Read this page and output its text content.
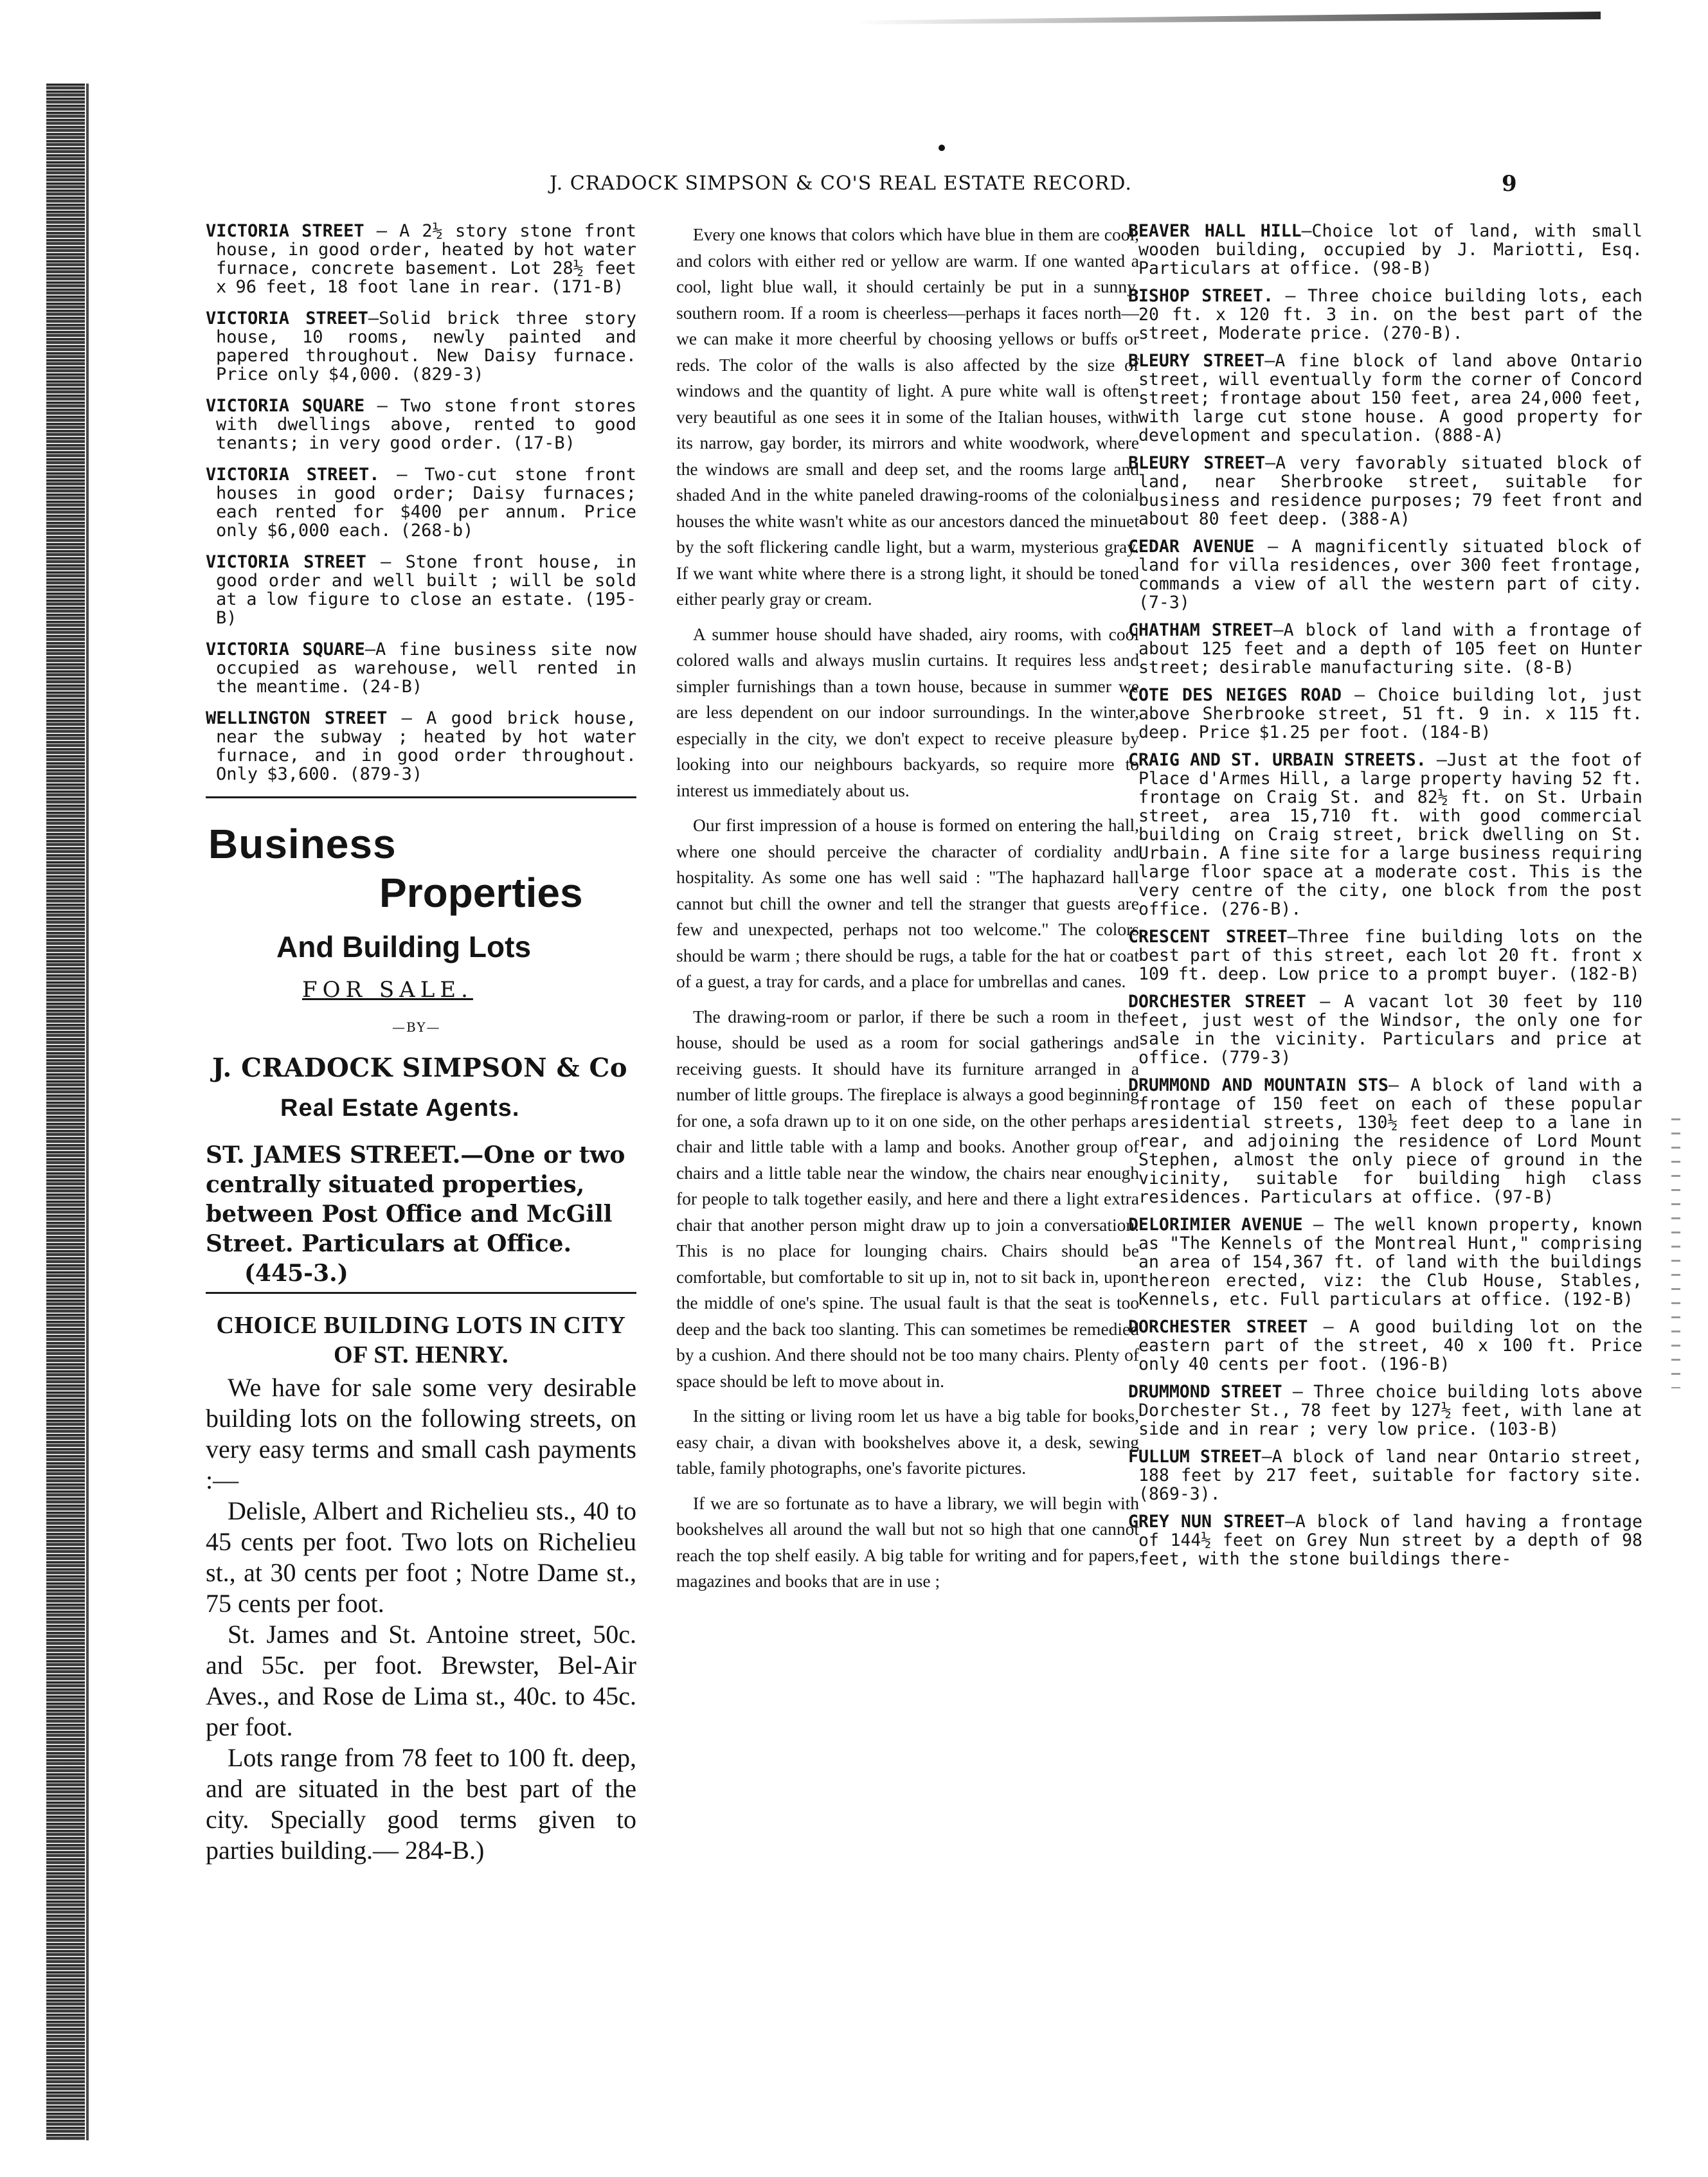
J. CRADOCK SIMPSON & CO'S REAL ESTATE RECORD.	9

VICTORIA STREET — A 2½ story stone front house, in good order, heated by hot water furnace, concrete basement. Lot 28½ feet x 96 feet, 18 foot lane in rear. (171-B)

VICTORIA STREET—Solid brick three story house, 10 rooms, newly painted and papered throughout. New Daisy furnace. Price only $4,000. (829-3)

VICTORIA SQUARE — Two stone front stores with dwellings above, rented to good tenants; in very good order. (17-B)

VICTORIA STREET. — Two-cut stone front houses in good order; Daisy furnaces; each rented for $400 per annum. Price only $6,000 each. (268-b)

VICTORIA STREET — Stone front house, in good order and well built ; will be sold at a low figure to close an estate. (195-B)

VICTORIA SQUARE—A fine business site now occupied as warehouse, well rented in the meantime. (24-B)

WELLINGTON STREET — A good brick house, near the subway ; heated by hot water furnace, and in good order throughout. Only $3,600. (879-3)

Business
Properties
And Building Lots
FOR SALE.
—BY—
J. CRADOCK SIMPSON & Co
Real Estate Agents.
ST. JAMES STREET.—One or two centrally situated properties, between Post Office and McGill Street. Particulars at Office.
(445-3.)
CHOICE BUILDING LOTS IN CITY OF ST. HENRY.

We have for sale some very desirable building lots on the following streets, on very easy terms and small cash payments :—

Delisle, Albert and Richelieu sts., 40 to 45 cents per foot. Two lots on Richelieu st., at 30 cents per foot ; Notre Dame st., 75 cents per foot.

St. James and St. Antoine street, 50c. and 55c. per foot. Brewster, Bel-Air Aves., and Rose de Lima st., 40c. to 45c. per foot.

Lots range from 78 feet to 100 ft. deep, and are situated in the best part of the city. Specially good terms given to parties building.— 284-B.)

Every one knows that colors which have blue in them are cool, and colors with either red or yellow are warm. If one wanted a cool, light blue wall, it should certainly be put in a sunny, southern room. If a room is cheerless—perhaps it faces north—we can make it more cheerful by choosing yellows or buffs or reds. The color of the walls is also affected by the size of windows and the quantity of light. A pure white wall is often very beautiful as one sees it in some of the Italian houses, with its narrow, gay border, its mirrors and white woodwork, where the windows are small and deep set, and the rooms large and shaded And in the white paneled drawing-rooms of the colonial houses the white wasn't white as our ancestors danced the minuet by the soft flickering candle light, but a warm, mysterious gray. If we want white where there is a strong light, it should be toned either pearly gray or cream.

A summer house should have shaded, airy rooms, with cool colored walls and always muslin curtains. It requires less and simpler furnishings than a town house, because in summer we are less dependent on our indoor surroundings. In the winter, especially in the city, we don't expect to receive pleasure by looking into our neighbours backyards, so require more to interest us immediately about us.

Our first impression of a house is formed on entering the hall, where one should perceive the character of cordiality and hospitality. As some one has well said : "The haphazard hall cannot but chill the owner and tell the stranger that guests are few and unexpected, perhaps not too welcome." The colors should be warm ; there should be rugs, a table for the hat or coat of a guest, a tray for cards, and a place for umbrellas and canes.

The drawing-room or parlor, if there be such a room in the house, should be used as a room for social gatherings and receiving guests. It should have its furniture arranged in a number of little groups. The fireplace is always a good beginning for one, a sofa drawn up to it on one side, on the other perhaps a chair and little table with a lamp and books. Another group of chairs and a little table near the window, the chairs near enough for people to talk together easily, and here and there a light extra chair that another person might draw up to join a conversation. This is no place for lounging chairs. Chairs should be comfortable, but comfortable to sit up in, not to sit back in, upon the middle of one's spine. The usual fault is that the seat is too deep and the back too slanting. This can sometimes be remedied by a cushion. And there should not be too many chairs. Plenty of space should be left to move about in.

In the sitting or living room let us have a big table for books, easy chair, a divan with bookshelves above it, a desk, sewing table, family photographs, one's favorite pictures.

If we are so fortunate as to have a library, we will begin with bookshelves all around the wall but not so high that one cannot reach the top shelf easily. A big table for writing and for papers, magazines and books that are in use ;

BEAVER HALL HILL—Choice lot of land, with small wooden building, occupied by J. Mariotti, Esq. Particulars at office. (98-B)

BISHOP STREET. — Three choice building lots, each 20 ft. x 120 ft. 3 in. on the best part of the street, Moderate price. (270-B).

BLEURY STREET—A fine block of land above Ontario street, will eventually form the corner of Concord street; frontage about 150 feet, area 24,000 feet, with large cut stone house. A good property for development and speculation. (888-A)

BLEURY STREET—A very favorably situated block of land, near Sherbrooke street, suitable for business and residence purposes; 79 feet front and about 80 feet deep. (388-A)

CEDAR AVENUE — A magnificently situated block of land for villa residences, over 300 feet frontage, commands a view of all the western part of city. (7-3)

CHATHAM STREET—A block of land with a frontage of about 125 feet and a depth of 105 feet on Hunter street; desirable manufacturing site. (8-B)

COTE DES NEIGES ROAD — Choice building lot, just above Sherbrooke street, 51 ft. 9 in. x 115 ft. deep. Price $1.25 per foot. (184-B)

CRAIG AND ST. URBAIN STREETS. —Just at the foot of Place d'Armes Hill, a large property having 52 ft. frontage on Craig St. and 82½ ft. on St. Urbain street, area 15,710 ft. with good commercial building on Craig street, brick dwelling on St. Urbain. A fine site for a large business requiring large floor space at a moderate cost. This is the very centre of the city, one block from the post office. (276-B).

CRESCENT STREET—Three fine building lots on the best part of this street, each lot 20 ft. front x 109 ft. deep. Low price to a prompt buyer. (182-B)

DORCHESTER STREET — A vacant lot 30 feet by 110 feet, just west of the Windsor, the only one for sale in the vicinity. Particulars and price at office. (779-3)

DRUMMOND AND MOUNTAIN STS— A block of land with a frontage of 150 feet on each of these popular residential streets, 130½ feet deep to a lane in rear, and adjoining the residence of Lord Mount Stephen, almost the only piece of ground in the vicinity, suitable for building high class residences. Particulars at office. (97-B)

DELORIMIER AVENUE — The well known property, known as "The Kennels of the Montreal Hunt," comprising an area of 154,367 ft. of land with the buildings thereon erected, viz: the Club House, Stables, Kennels, etc. Full particulars at office. (192-B)

DORCHESTER STREET — A good building lot on the eastern part of the street, 40 x 100 ft. Price only 40 cents per foot. (196-B)

DRUMMOND STREET — Three choice building lots above Dorchester St., 78 feet by 127½ feet, with lane at side and in rear ; very low price. (103-B)

FULLUM STREET—A block of land near Ontario street, 188 feet by 217 feet, suitable for factory site. (869-3).

GREY NUN STREET—A block of land having a frontage of 144½ feet on Grey Nun street by a depth of 98 feet, with the stone buildings there-
